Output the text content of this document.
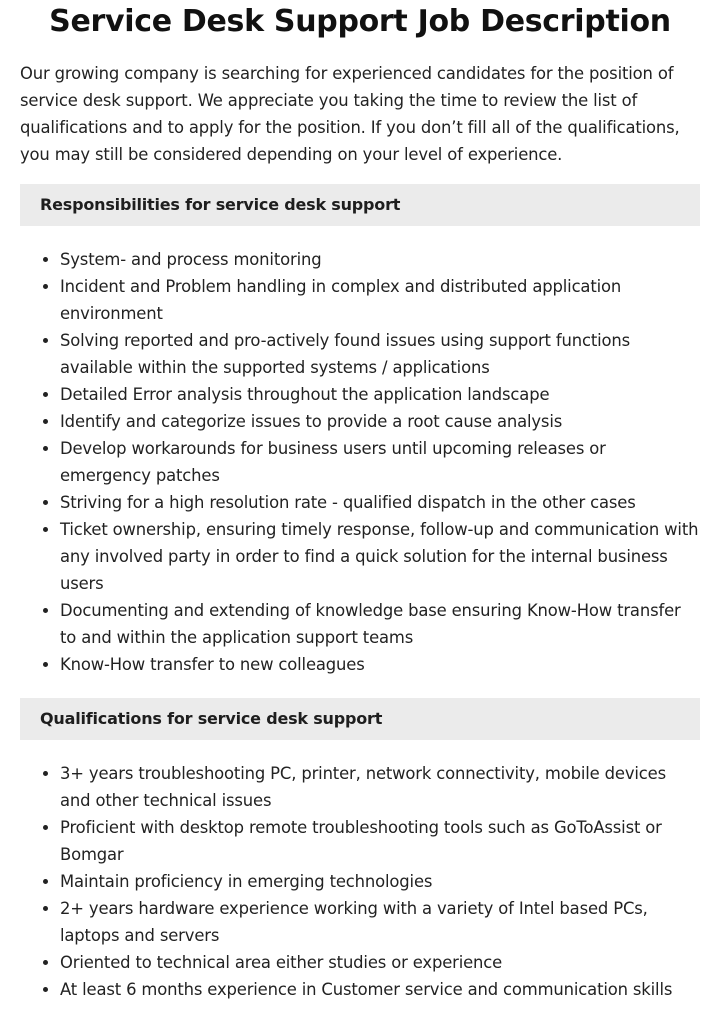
Service Desk Support Job Description

Our growing company is searching for experienced candidates for the position of service desk support. We appreciate you taking the time to review the list of qualifications and to apply for the position. If you don’t fill all of the qualifications, you may still be considered depending on your level of experience.

Responsibilities for service desk support
System- and process monitoring
Incident and Problem handling in complex and distributed application environment
Solving reported and pro-actively found issues using support functions available within the supported systems / applications
Detailed Error analysis throughout the application landscape
Identify and categorize issues to provide a root cause analysis
Develop workarounds for business users until upcoming releases or emergency patches
Striving for a high resolution rate - qualified dispatch in the other cases
Ticket ownership, ensuring timely response, follow-up and communication with any involved party in order to find a quick solution for the internal business users
Documenting and extending of knowledge base ensuring Know-How transfer to and within the application support teams
Know-How transfer to new colleagues
Qualifications for service desk support
3+ years troubleshooting PC, printer, network connectivity, mobile devices and other technical issues
Proficient with desktop remote troubleshooting tools such as GoToAssist or Bomgar
Maintain proficiency in emerging technologies
2+ years hardware experience working with a variety of Intel based PCs, laptops and servers
Oriented to technical area either studies or experience
At least 6 months experience in Customer service and communication skills
